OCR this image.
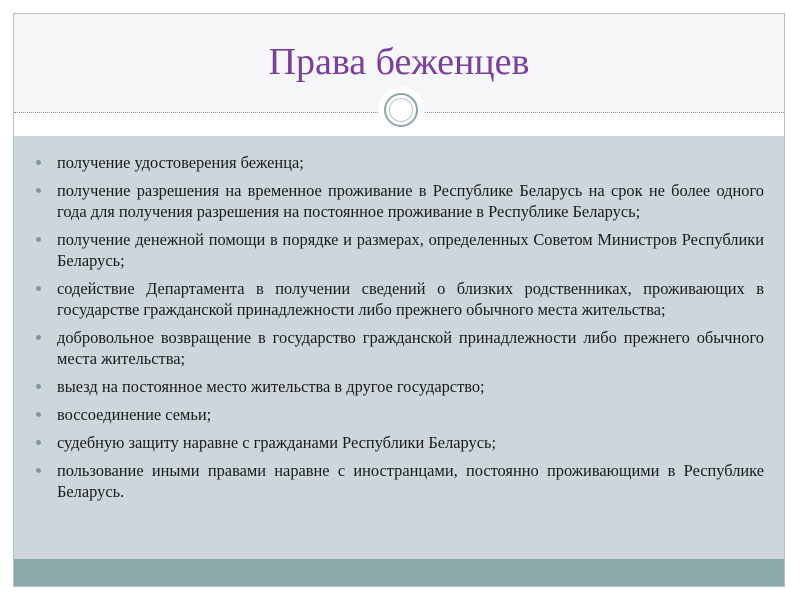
Права беженцев
получение удостоверения беженца;
получение разрешения на временное проживание в Республике Беларусь на срок не более одного года для получения разрешения на постоянное проживание в Республике Беларусь;
получение денежной помощи в порядке и размерах, определенных Советом Министров Республики Беларусь;
содействие Департамента в получении сведений о близких родственниках, проживающих в государстве гражданской принадлежности либо прежнего обычного места жительства;
добровольное возвращение в государство гражданской принадлежности либо прежнего обычного места жительства;
выезд на постоянное место жительства в другое государство;
воссоединение семьи;
судебную защиту наравне с гражданами Республики Беларусь;
пользование иными правами наравне с иностранцами, постоянно проживающими в Республике Беларусь.
